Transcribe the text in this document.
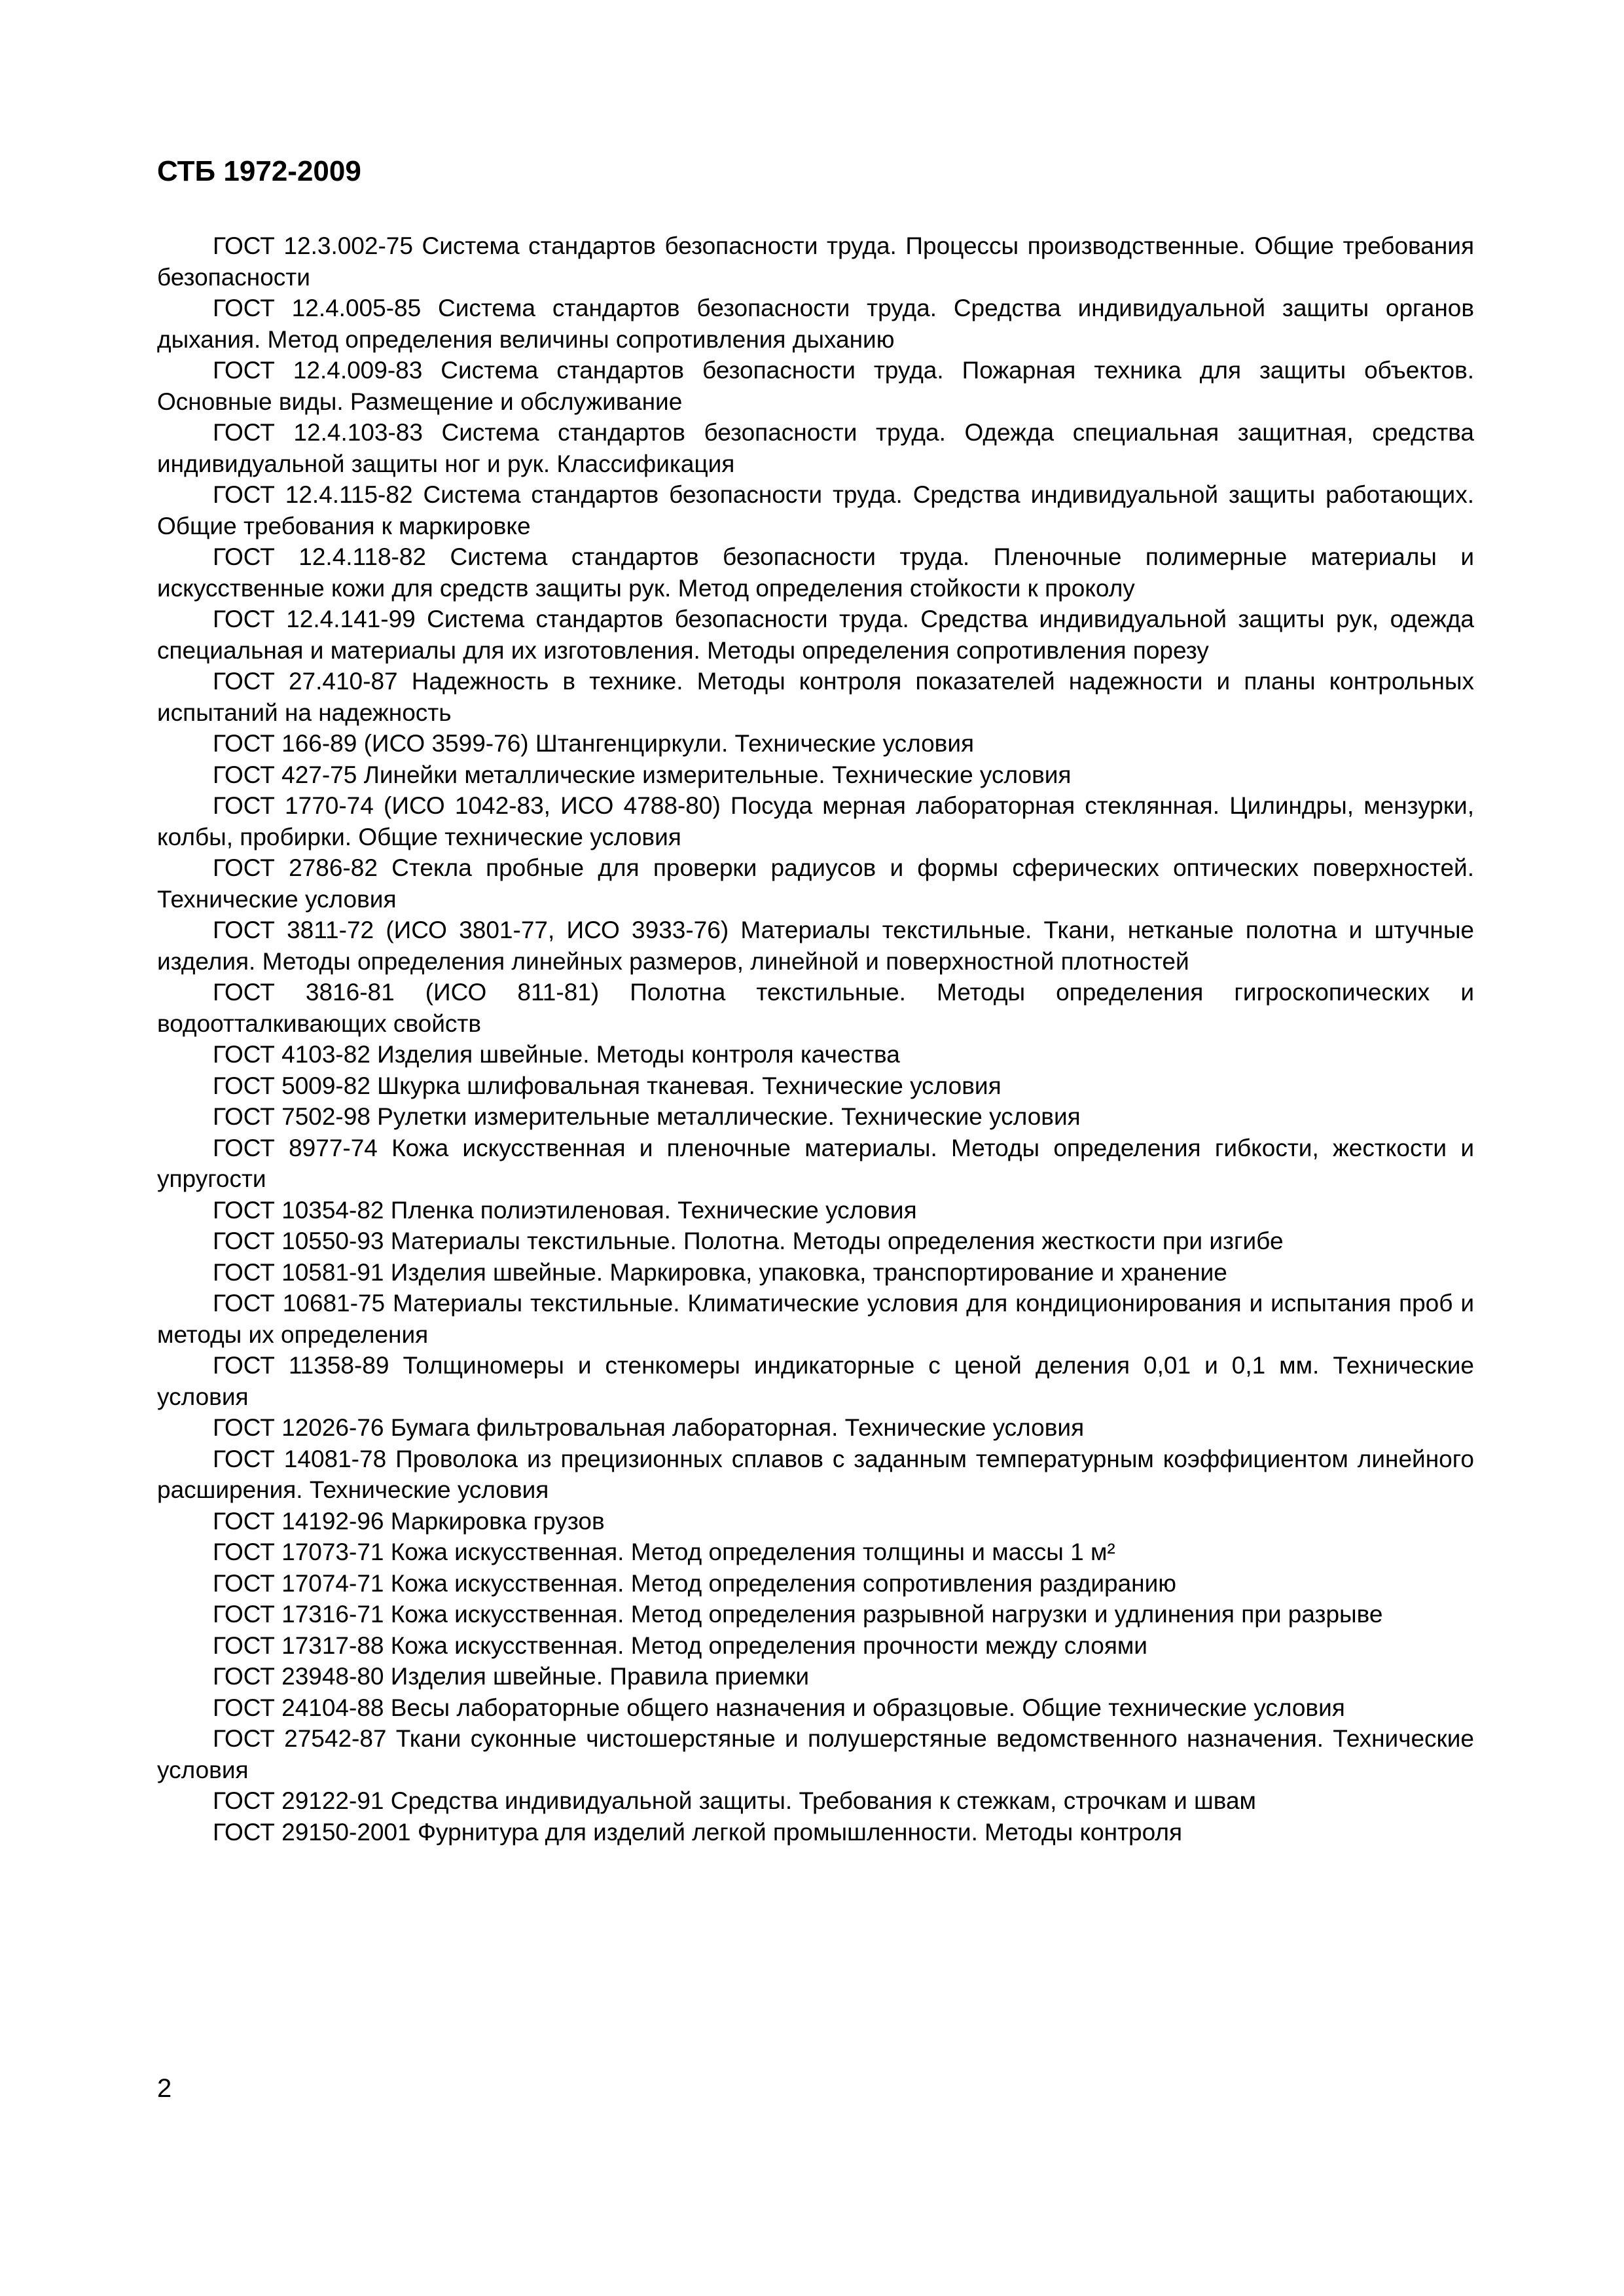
СТБ 1972-2009
ГОСТ 12.3.002-75 Система стандартов безопасности труда. Процессы производственные. Общие требования безопасности
ГОСТ 12.4.005-85 Система стандартов безопасности труда. Средства индивидуальной защиты органов дыхания. Метод определения величины сопротивления дыханию
ГОСТ 12.4.009-83 Система стандартов безопасности труда. Пожарная техника для защиты объектов. Основные виды. Размещение и обслуживание
ГОСТ 12.4.103-83 Система стандартов безопасности труда. Одежда специальная защитная, средства индивидуальной защиты ног и рук. Классификация
ГОСТ 12.4.115-82 Система стандартов безопасности труда. Средства индивидуальной защиты работающих. Общие требования к маркировке
ГОСТ 12.4.118-82 Система стандартов безопасности труда. Пленочные полимерные материалы и искусственные кожи для средств защиты рук. Метод определения стойкости к проколу
ГОСТ 12.4.141-99 Система стандартов безопасности труда. Средства индивидуальной защиты рук, одежда специальная и материалы для их изготовления. Методы определения сопротивления порезу
ГОСТ 27.410-87 Надежность в технике. Методы контроля показателей надежности и планы контрольных испытаний на надежность
ГОСТ 166-89 (ИСО 3599-76) Штангенциркули. Технические условия
ГОСТ 427-75 Линейки металлические измерительные. Технические условия
ГОСТ 1770-74 (ИСО 1042-83, ИСО 4788-80) Посуда мерная лабораторная стеклянная. Цилиндры, мензурки, колбы, пробирки. Общие технические условия
ГОСТ 2786-82 Стекла пробные для проверки радиусов и формы сферических оптических поверхностей. Технические условия
ГОСТ 3811-72 (ИСО 3801-77, ИСО 3933-76) Материалы текстильные. Ткани, нетканые полотна и штучные изделия. Методы определения линейных размеров, линейной и поверхностной плотностей
ГОСТ 3816-81 (ИСО 811-81) Полотна текстильные. Методы определения гигроскопических и водоотталкивающих свойств
ГОСТ 4103-82 Изделия швейные. Методы контроля качества
ГОСТ 5009-82 Шкурка шлифовальная тканевая. Технические условия
ГОСТ 7502-98 Рулетки измерительные металлические. Технические условия
ГОСТ 8977-74 Кожа искусственная и пленочные материалы. Методы определения гибкости, жесткости и упругости
ГОСТ 10354-82 Пленка полиэтиленовая. Технические условия
ГОСТ 10550-93 Материалы текстильные. Полотна. Методы определения жесткости при изгибе
ГОСТ 10581-91 Изделия швейные. Маркировка, упаковка, транспортирование и хранение
ГОСТ 10681-75 Материалы текстильные. Климатические условия для кондиционирования и испытания проб и методы их определения
ГОСТ 11358-89 Толщиномеры и стенкомеры индикаторные с ценой деления 0,01 и 0,1 мм. Технические условия
ГОСТ 12026-76 Бумага фильтровальная лабораторная. Технические условия
ГОСТ 14081-78 Проволока из прецизионных сплавов с заданным температурным коэффициентом линейного расширения. Технические условия
ГОСТ 14192-96 Маркировка грузов
ГОСТ 17073-71 Кожа искусственная. Метод определения толщины и массы 1 м²
ГОСТ 17074-71 Кожа искусственная. Метод определения сопротивления раздиранию
ГОСТ 17316-71 Кожа искусственная. Метод определения разрывной нагрузки и удлинения при разрыве
ГОСТ 17317-88 Кожа искусственная. Метод определения прочности между слоями
ГОСТ 23948-80 Изделия швейные. Правила приемки
ГОСТ 24104-88 Весы лабораторные общего назначения и образцовые. Общие технические условия
ГОСТ 27542-87 Ткани суконные чистошерстяные и полушерстяные ведомственного назначения. Технические условия
ГОСТ 29122-91 Средства индивидуальной защиты. Требования к стежкам, строчкам и швам
ГОСТ 29150-2001 Фурнитура для изделий легкой промышленности. Методы контроля
2
